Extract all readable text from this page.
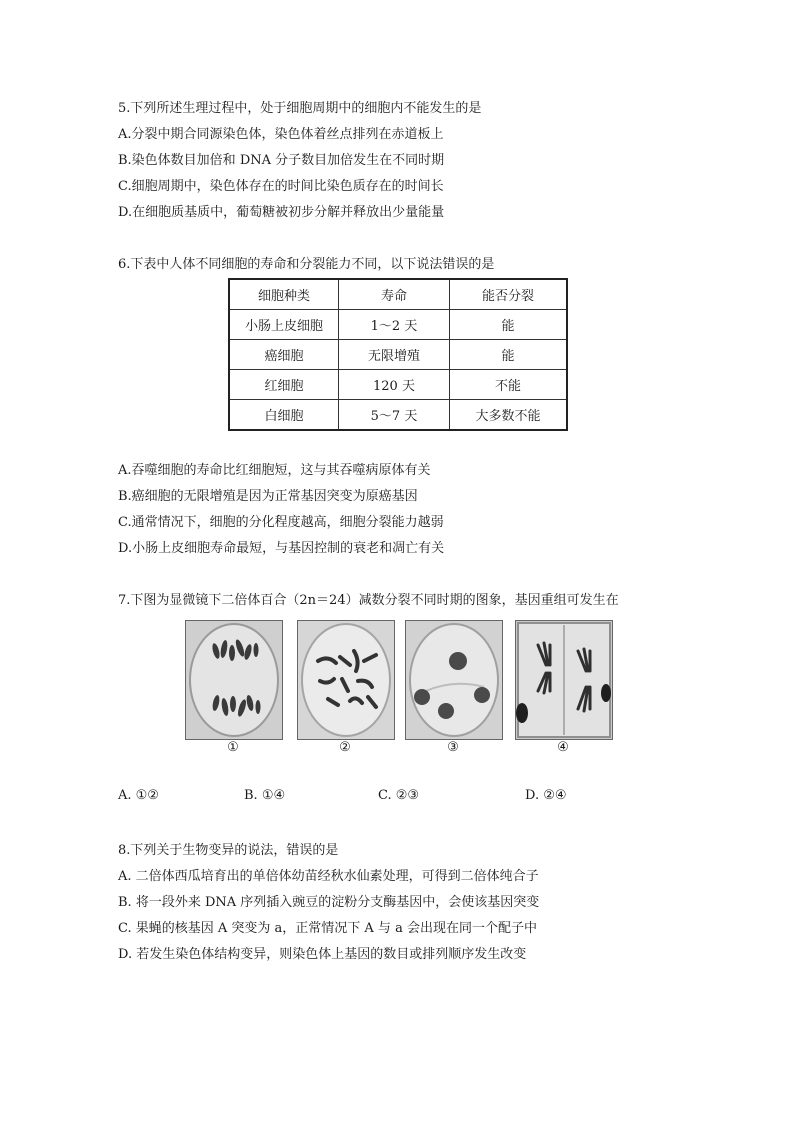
5.下列所述生理过程中，处于细胞周期中的细胞内不能发生的是
A.分裂中期合同源染色体，染色体着丝点排列在赤道板上
B.染色体数目加倍和 DNA 分子数目加倍发生在不同时期
C.细胞周期中，染色体存在的时间比染色质存在的时间长
D.在细胞质基质中，葡萄糖被初步分解并释放出少量能量
6.下表中人体不同细胞的寿命和分裂能力不同，以下说法错误的是
细胞种类	寿命	能否分裂
小肠上皮细胞	1～2 天	能
癌细胞	无限增殖	能
红细胞	120 天	不能
白细胞	5～7 天	大多数不能
A.吞噬细胞的寿命比红细胞短，这与其吞噬病原体有关
B.癌细胞的无限增殖是因为正常基因突变为原癌基因
C.通常情况下，细胞的分化程度越高，细胞分裂能力越弱
D.小肠上皮细胞寿命最短，与基因控制的衰老和凋亡有关
7.下图为显微镜下二倍体百合（2n＝24）减数分裂不同时期的图象，基因重组可发生在
①	②	③	④
A. ①②	B. ①④	C. ②③	D. ②④
8.下列关于生物变异的说法，错误的是
A. 二倍体西瓜培育出的单倍体幼苗经秋水仙素处理，可得到二倍体纯合子
B. 将一段外来 DNA 序列插入豌豆的淀粉分支酶基因中，会使该基因突变
C. 果蝇的核基因 A 突变为 a，正常情况下 A 与 a 会出现在同一个配子中
D. 若发生染色体结构变异，则染色体上基因的数目或排列顺序发生改变
